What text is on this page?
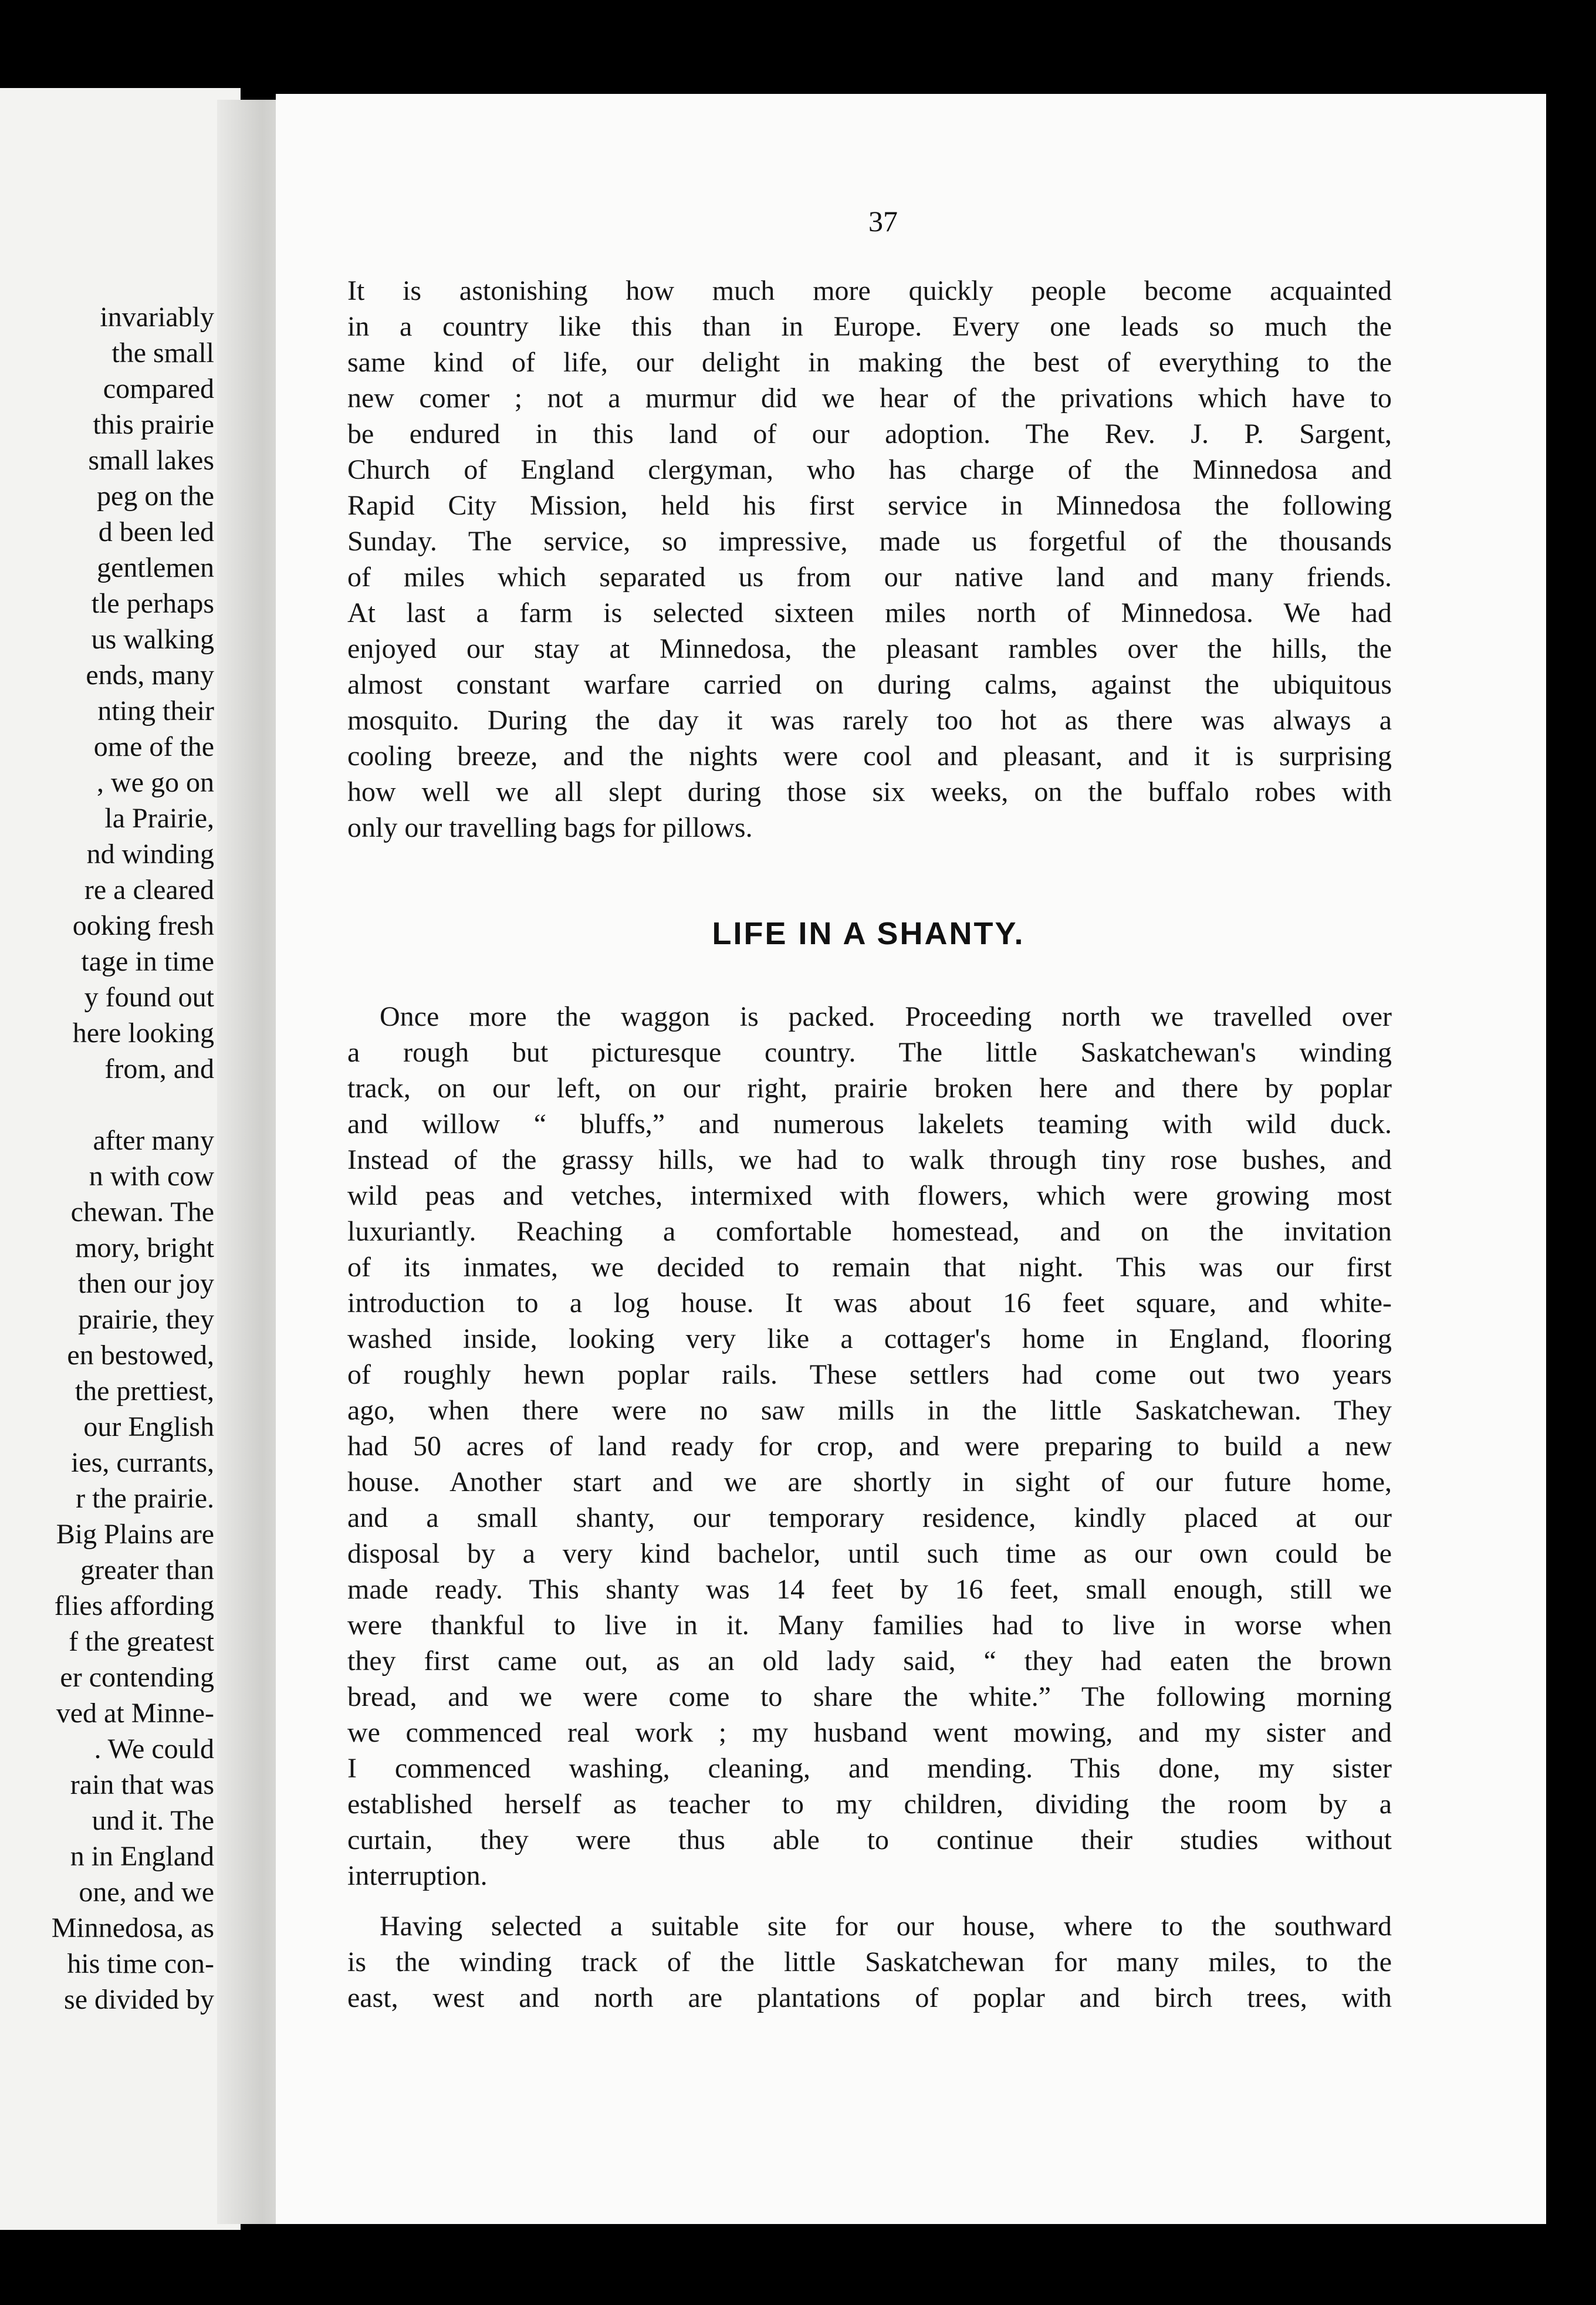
invariably
the small
compared
this prairie
small lakes
peg on the
d been led
gentlemen
tle perhaps
us walking
ends, many
nting their
ome of the
, we go on
la Prairie,
nd winding
re a cleared
ooking fresh
tage in time
y found out
here looking
from, and

after many
n with cow
chewan. The
mory, bright
then our joy
prairie, they
en bestowed,
the prettiest,
our English
ies, currants,
r the prairie.
Big Plains are
greater than
flies affording
f the greatest
er contending
ved at Minne-
. We could
rain that was
und it. The
n in England
one, and we
Minnedosa, as
his time con-
se divided by
37

It is astonishing how much more quickly people become acquainted
in a country like this than in Europe. Every one leads so much the
same kind of life, our delight in making the best of everything to the
new comer ; not a murmur did we hear of the privations which have to
be endured in this land of our adoption. The Rev. J. P. Sargent,
Church of England clergyman, who has charge of the Minnedosa and
Rapid City Mission, held his first service in Minnedosa the following
Sunday. The service, so impressive, made us forgetful of the thousands
of miles which separated us from our native land and many friends.
At last a farm is selected sixteen miles north of Minnedosa. We had
enjoyed our stay at Minnedosa, the pleasant rambles over the hills, the
almost constant warfare carried on during calms, against the ubiquitous
mosquito. During the day it was rarely too hot as there was always a
cooling breeze, and the nights were cool and pleasant, and it is surprising
how well we all slept during those six weeks, on the buffalo robes with
only our travelling bags for pillows.

LIFE IN A SHANTY.

Once more the waggon is packed. Proceeding north we travelled over
a rough but picturesque country. The little Saskatchewan's winding
track, on our left, on our right, prairie broken here and there by poplar
and willow “ bluffs,” and numerous lakelets teaming with wild duck.
Instead of the grassy hills, we had to walk through tiny rose bushes, and
wild peas and vetches, intermixed with flowers, which were growing most
luxuriantly. Reaching a comfortable homestead, and on the invitation
of its inmates, we decided to remain that night. This was our first
introduction to a log house. It was about 16 feet square, and white-
washed inside, looking very like a cottager's home in England, flooring
of roughly hewn poplar rails. These settlers had come out two years
ago, when there were no saw mills in the little Saskatchewan. They
had 50 acres of land ready for crop, and were preparing to build a new
house. Another start and we are shortly in sight of our future home,
and a small shanty, our temporary residence, kindly placed at our
disposal by a very kind bachelor, until such time as our own could be
made ready. This shanty was 14 feet by 16 feet, small enough, still we
were thankful to live in it. Many families had to live in worse when
they first came out, as an old lady said, “ they had eaten the brown
bread, and we were come to share the white.” The following morning
we commenced real work ; my husband went mowing, and my sister and
I commenced washing, cleaning, and mending. This done, my sister
established herself as teacher to my children, dividing the room by a
curtain, they were thus able to continue their studies without
interruption.

Having selected a suitable site for our house, where to the southward
is the winding track of the little Saskatchewan for many miles, to the
east, west and north are plantations of poplar and birch trees, with
